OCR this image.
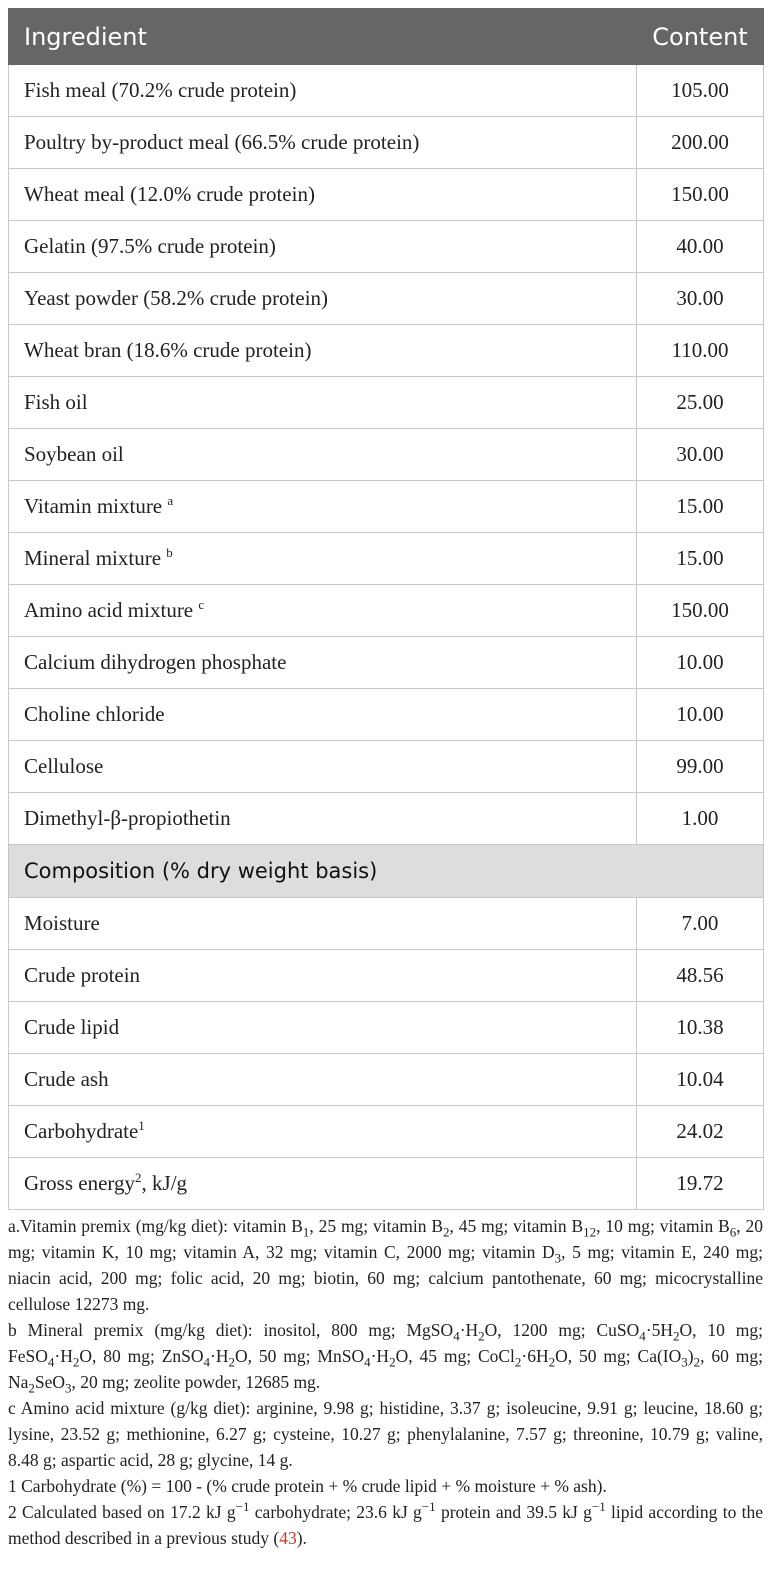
Ingredient	Content
Fish meal (70.2% crude protein)	105.00
Poultry by-product meal (66.5% crude protein)	200.00
Wheat meal (12.0% crude protein)	150.00
Gelatin (97.5% crude protein)	40.00
Yeast powder (58.2% crude protein)	30.00
Wheat bran (18.6% crude protein)	110.00
Fish oil	25.00
Soybean oil	30.00
Vitamin mixture $^a$	15.00
Mineral mixture $^b$	15.00
Amino acid mixture $^c$	150.00
Calcium dihydrogen phosphate	10.00
Choline chloride	10.00
Cellulose	99.00
Dimethyl-β-propiothetin	1.00
Composition (% dry weight basis)	
Moisture	7.00
Crude protein	48.56
Crude lipid	10.38
Crude ash	10.04
Carbohydrate$^1$	24.02
Gross energy$^2$, kJ/g	19.72

a.Vitamin premix (mg/kg diet): vitamin $B_1$, 25 mg; vitamin $B_2$, 45 mg; vitamin $B_{12}$, 10 mg; vitamin $B_6$, 20 mg; vitamin K, 10 mg; vitamin A, 32 mg; vitamin C, 2000 mg; vitamin $D_3$, 5 mg; vitamin E, 240 mg; niacin acid, 200 mg; folic acid, 20 mg; biotin, 60 mg; calcium pantothenate, 60 mg; micocrystalline cellulose 12273 mg.

b Mineral premix (mg/kg diet): inositol, 800 mg; $MgSO_4\cdot H_2O$, 1200 mg; $CuSO_4\cdot 5H_2O$, 10 mg; $FeSO_4\cdot H_2O$, 80 mg; $ZnSO_4\cdot H_2O$, 50 mg; $MnSO_4\cdot H_2O$, 45 mg; $CoCl_2\cdot 6H_2O$, 50 mg; $Ca(IO_3)_2$, 60 mg; $Na_2SeO_3$, 20 mg; zeolite powder, 12685 mg.

c Amino acid mixture (g/kg diet): arginine, 9.98 g; histidine, 3.37 g; isoleucine, 9.91 g; leucine, 18.60 g; lysine, 23.52 g; methionine, 6.27 g; cysteine, 10.27 g; phenylalanine, 7.57 g; threonine, 10.79 g; valine, 8.48 g; aspartic acid, 28 g; glycine, 14 g.

1 Carbohydrate (%) = 100 - (% crude protein + % crude lipid + % moisture + % ash).

2 Calculated based on 17.2 kJ $g^{-1}$ carbohydrate; 23.6 kJ $g^{-1}$ protein and 39.5 kJ $g^{-1}$ lipid according to the method described in a previous study (43).
